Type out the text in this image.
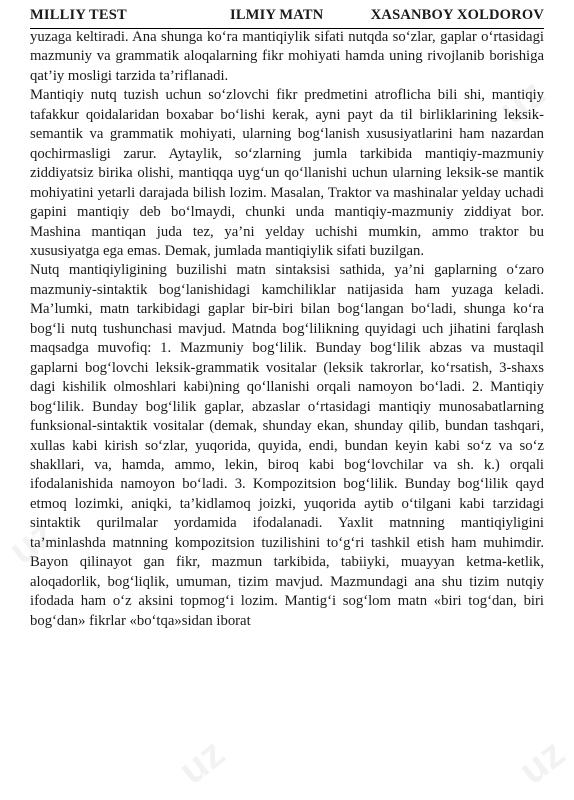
uz
uz
uz	uz
MILLIY TEST	ILMIY MATN	XASANBOY XOLDOROV

yuzaga keltiradi. Ana shunga ko‘ra mantiqiylik sifati nutqda so‘zlar, gaplar o‘rtasidagi mazmuniy va grammatik aloqalarning fikr mohiyati hamda uning rivojlanib borishiga qat’iy mosligi tarzida ta’riflanadi.

Mantiqiy nutq tuzish uchun so‘zlovchi fikr predmetini atroflicha bili shi, mantiqiy tafakkur qoidalaridan boxabar bo‘lishi kerak, ayni payt da til birliklarining leksik-semantik va grammatik mohiyati, ularning bog‘lanish xususiyatlarini ham nazardan qochirmasligi zarur. Aytaylik, so‘zlarning jumla tarkibida mantiqiy-mazmuniy ziddiyatsiz birika olishi, mantiqqa uyg‘un qo‘llanishi uchun ularning leksik-se mantik mohiyatini yetarli darajada bilish lozim. Masalan, Traktor va mashinalar yelday uchadi gapini mantiqiy deb bo‘lmaydi, chunki unda mantiqiy-mazmuniy ziddiyat bor. Mashina mantiqan juda tez, ya’ni yelday uchishi mumkin, ammo traktor bu xususiyatga ega emas. Demak, jumlada mantiqiylik sifati buzilgan.

Nutq mantiqiyligining buzilishi matn sintaksisi sathida, ya’ni gaplarning o‘zaro mazmuniy-sintaktik bog‘lanishidagi kamchiliklar natijasida ham yuzaga keladi. Ma’lumki, matn tarkibidagi gaplar bir-biri bilan bog‘langan bo‘ladi, shunga ko‘ra bog‘li nutq tushunchasi mavjud. Matnda bog‘lilikning quyidagi uch jihatini farqlash maqsadga muvofiq: 1. Mazmuniy bog‘lilik. Bunday bog‘lilik abzas va mustaqil gaplarni bog‘lovchi leksik-grammatik vositalar (leksik takrorlar, ko‘rsatish, 3-shaxs dagi kishilik olmoshlari kabi)ning qo‘llanishi orqali namoyon bo‘ladi. 2. Mantiqiy bog‘lilik. Bunday bog‘lilik gaplar, abzaslar o‘rtasidagi mantiqiy munosabatlarning funksional-sintaktik vositalar (demak, shunday ekan, shunday qilib, bundan tashqari, xullas kabi kirish so‘zlar, yuqorida, quyida, endi, bundan keyin kabi so‘z va so‘z shakllari, va, hamda, ammo, lekin, biroq kabi bog‘lovchilar va sh. k.) orqali ifodalanishida namoyon bo‘ladi. 3. Kompozitsion bog‘lilik. Bunday bog‘lilik qayd etmoq lozimki, aniqki, ta’kidlamoq joizki, yuqorida aytib o‘tilgani kabi tarzidagi sintaktik qurilmalar yordamida ifodalanadi. Yaxlit matnning mantiqiyligini ta’minlashda matnning kompozitsion tuzilishini to‘g‘ri tashkil etish ham muhimdir. Bayon qilinayot gan fikr, mazmun tarkibida, tabiiyki, muayyan ketma-ketlik, aloqadorlik, bog‘liqlik, umuman, tizim mavjud. Mazmundagi ana shu tizim nutqiy ifodada ham o‘z aksini topmog‘i lozim. Mantig‘i sog‘lom matn «biri tog‘dan, biri bog‘dan» fikrlar «bo‘tqa»sidan iborat
